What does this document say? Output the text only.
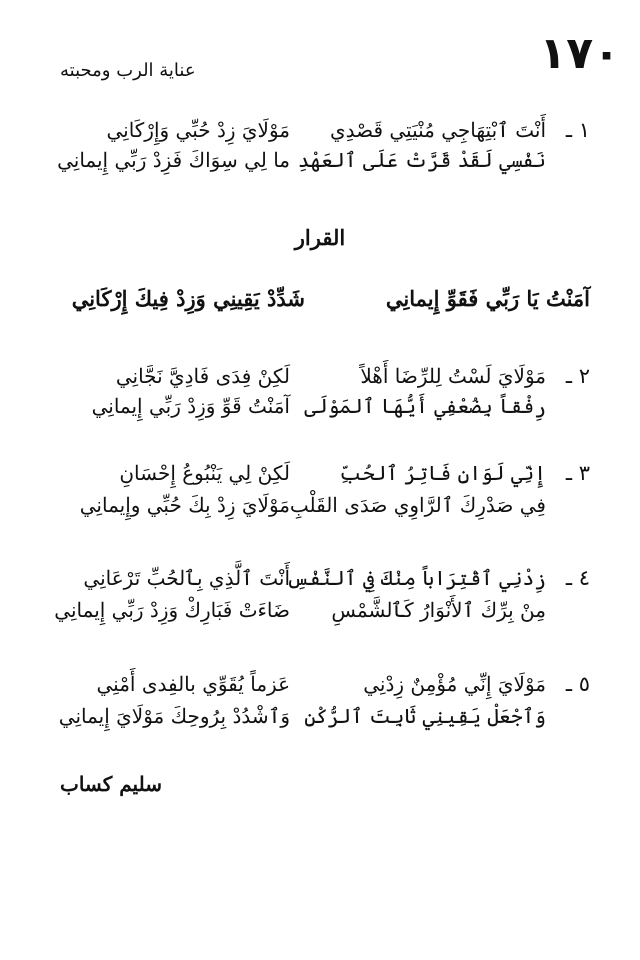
١٧٠
عناية الرب ومحبته
١ ـ
أَنْتَ ٱبْتِهَاجِي مُنْيَتِي قَصْدِي
مَوْلَايَ زِدْ حُبِّي وَإِرْكَانِي
نَفْسِي لَقَدْ قَرَّتْ عَلَى ٱلعَهْدِ
ما لِي سِوَاكَ فَزِدْ رَبِّي إِيمانِي
القرار
آمَنْتُ يَا رَبِّي فَقَوِّ إِيمانِي
شَدِّدْ يَقِينِي وَزِدْ فِيكَ إِرْكَانِي
٢ ـ
مَوْلَايَ لَسْتُ لِلرِّضَا أَهْلاً
لَكِنْ فِدَى فَادِيَّ نَجَّانِي
رِفْقاً بِضُعْفِي أَيُّهَا ٱلمَوْلَى
آمَنْتُ قَوِّ وَزِدْ رَبِّي إِيمانِي
٣ ـ
إِنِّي لَوَانِ فَاتِرُ ٱلحُبِّ
لَكِنْ لِي يَنْبُوعُ إِحْسَانِ
فِي صَدْرِكَ ٱلرَّاوِي صَدَى القَلْبِ
مَوْلَايَ زِدْ بِكَ حُبِّي وإِيمانِي
٤ ـ
زِدْنِي ٱقْتِرَاباً مِنْكَ فِي ٱلنَّفْسِ
أَنْتَ ٱلَّذِي بِٱلحُبِّ تَرْعَانِي
مِنْ بِرِّكَ ٱلأَنْوَارُ كَٱلشَّمْسِ
ضَاءَتْ فَبَارِكْ وَزِدْ رَبِّي إِيمانِي
٥ ـ
مَوْلَايَ إِنِّي مُؤْمِنٌ زِدْنِي
عَزماً يُقَوِّي بالفِدى أَمْنِي
وَٱجْعَلْ يَقِينِي ثَابِتَ ٱلرُّكْنِ
وَٱشْدُدْ بِرُوحِكَ مَوْلَايَ إِيمانِي
سليم كساب
